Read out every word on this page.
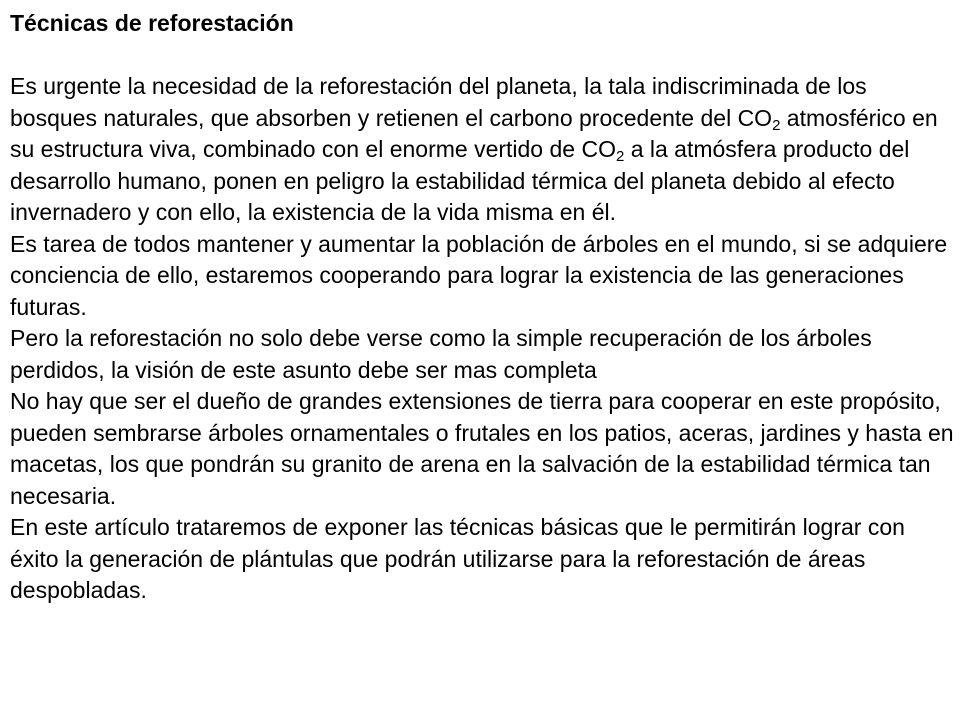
Técnicas de reforestación

Es urgente la necesidad de la reforestación del planeta, la tala indiscriminada de los bosques naturales, que absorben y retienen el carbono procedente del $CO_2$ atmosférico en su estructura viva, combinado con el enorme vertido de $CO_2$ a la atmósfera producto del desarrollo humano, ponen en peligro la estabilidad térmica del planeta debido al efecto invernadero y con ello, la existencia de la vida misma en él.

Es tarea de todos mantener y aumentar la población de árboles en el mundo, si se adquiere conciencia de ello, estaremos cooperando para lograr la existencia de las generaciones futuras.

Pero la reforestación no solo debe verse como la simple recuperación de los árboles perdidos, la visión de este asunto debe ser mas completa

No hay que ser el dueño de grandes extensiones de tierra para cooperar en este propósito, pueden sembrarse árboles ornamentales o frutales en los patios, aceras, jardines y hasta en macetas, los que pondrán su granito de arena en la salvación de la estabilidad térmica tan necesaria.

En este artículo trataremos de exponer las técnicas básicas que le permitirán lograr con éxito la generación de plántulas que podrán utilizarse para la reforestación de áreas despobladas.
